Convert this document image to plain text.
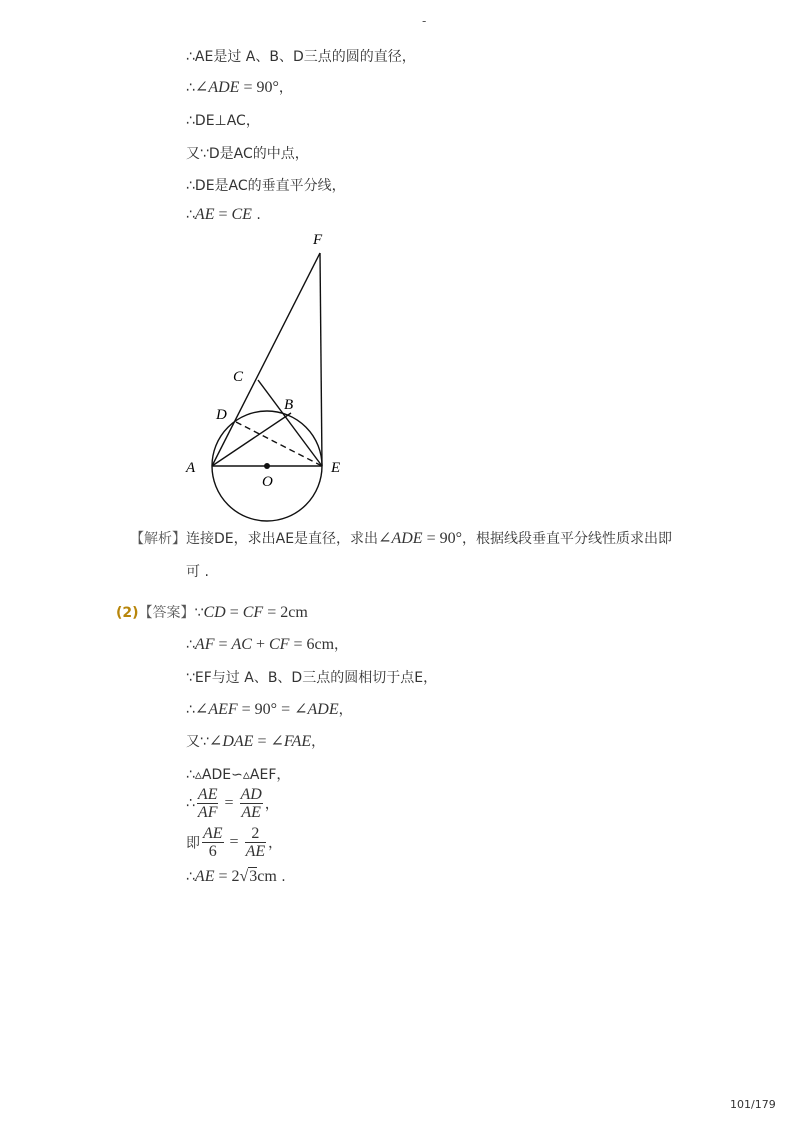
-
∴AE是过 A、B、D三点的圆的直径，
∴∠ADE = 90°，
∴DE⊥AC，
又∵D是AC的中点，
∴DE是AC的垂直平分线，
∴AE = CE .
F
C
D
B
A
O
E
【解析】连接DE，求出AE是直径，求出∠ADE = 90°，根据线段垂直平分线性质求出即
可 .
(2)【答案】∵CD = CF = 2cm
∴AF = AC + CF = 6cm，
∵EF与过 A、B、D三点的圆相切于点E，
∴∠AEF = 90° = ∠ADE，
又∵∠DAE = ∠FAE，
∴▵ADE∽▵AEF，
∴ $\frac{AE}{AF} = \frac{AD}{AE}$ ，
即 $\frac{AE}{6} = \frac{2}{AE}$ ，
∴AE = 2√3cm .
101/179
